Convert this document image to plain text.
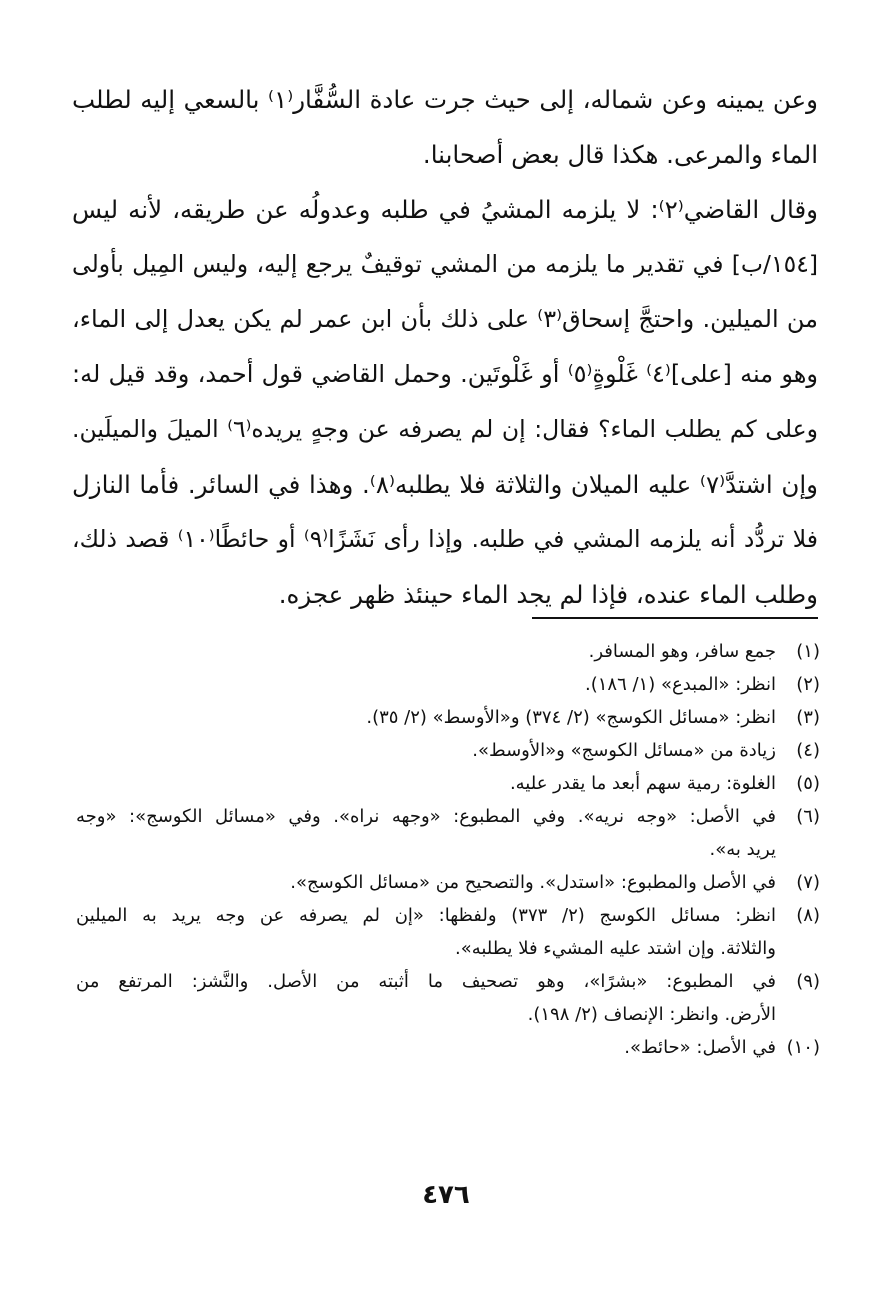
وعن يمينه وعن شماله، إلى حيث جرت عادة السُّفَّار⁽١⁾ بالسعي إليه لطلب
الماء والمرعى. هكذا قال بعض أصحابنا.
وقال القاضي⁽٢⁾: لا يلزمه المشيُ في طلبه وعدولُه عن طريقه، لأنه ليس
[١٥٤/ب] في تقدير ما يلزمه من المشي توقيفٌ يرجع إليه، وليس المِيل بأولى
من الميلين. واحتجَّ إسحاق⁽٣⁾ على ذلك بأن ابن عمر لم يكن يعدل إلى الماء،
وهو منه [على]⁽٤⁾ غَلْوةٍ⁽٥⁾ أو غَلْوتَين. وحمل القاضي قول أحمد، وقد قيل له:
وعلى كم يطلب الماء؟ فقال: إن لم يصرفه عن وجهٍ يريده⁽٦⁾ الميلَ والميلَين.
وإن اشتدَّ⁽٧⁾ عليه الميلان والثلاثة فلا يطلبه⁽٨⁾. وهذا في السائر. فأما النازل
فلا تردُّد أنه يلزمه المشي في طلبه. وإذا رأى نَشَزًا⁽٩⁾ أو حائطًا⁽١٠⁾ قصد ذلك،
وطلب الماء عنده، فإذا لم يجد الماء حينئذ ظهر عجزه.
(١)
جمع سافر، وهو المسافر.
(٢)
انظر: «المبدع» (١/ ١٨٦).
(٣)
انظر: «مسائل الكوسج» (٢/ ٣٧٤) و«الأوسط» (٢/ ٣٥).
(٤)
زيادة من «مسائل الكوسج» و«الأوسط».
(٥)
الغلوة: رمية سهم أبعد ما يقدر عليه.
(٦)
في الأصل: «وجه نريه». وفي المطبوع: «وجهه نراه». وفي «مسائل الكوسج»: «وجه
يريد به».
(٧)
في الأصل والمطبوع: «استدل». والتصحيح من «مسائل الكوسج».
(٨)
انظر: مسائل الكوسج (٢/ ٣٧٣) ولفظها: «إن لم يصرفه عن وجه يريد به الميلين
والثلاثة. وإن اشتد عليه المشيء فلا يطلبه».
(٩)
في المطبوع: «بشرًا»، وهو تصحيف ما أثبته من الأصل. والنَّشز: المرتفع من
الأرض. وانظر: الإنصاف (٢/ ١٩٨).
(١٠)
في الأصل: «حائط».
٤٧٦
